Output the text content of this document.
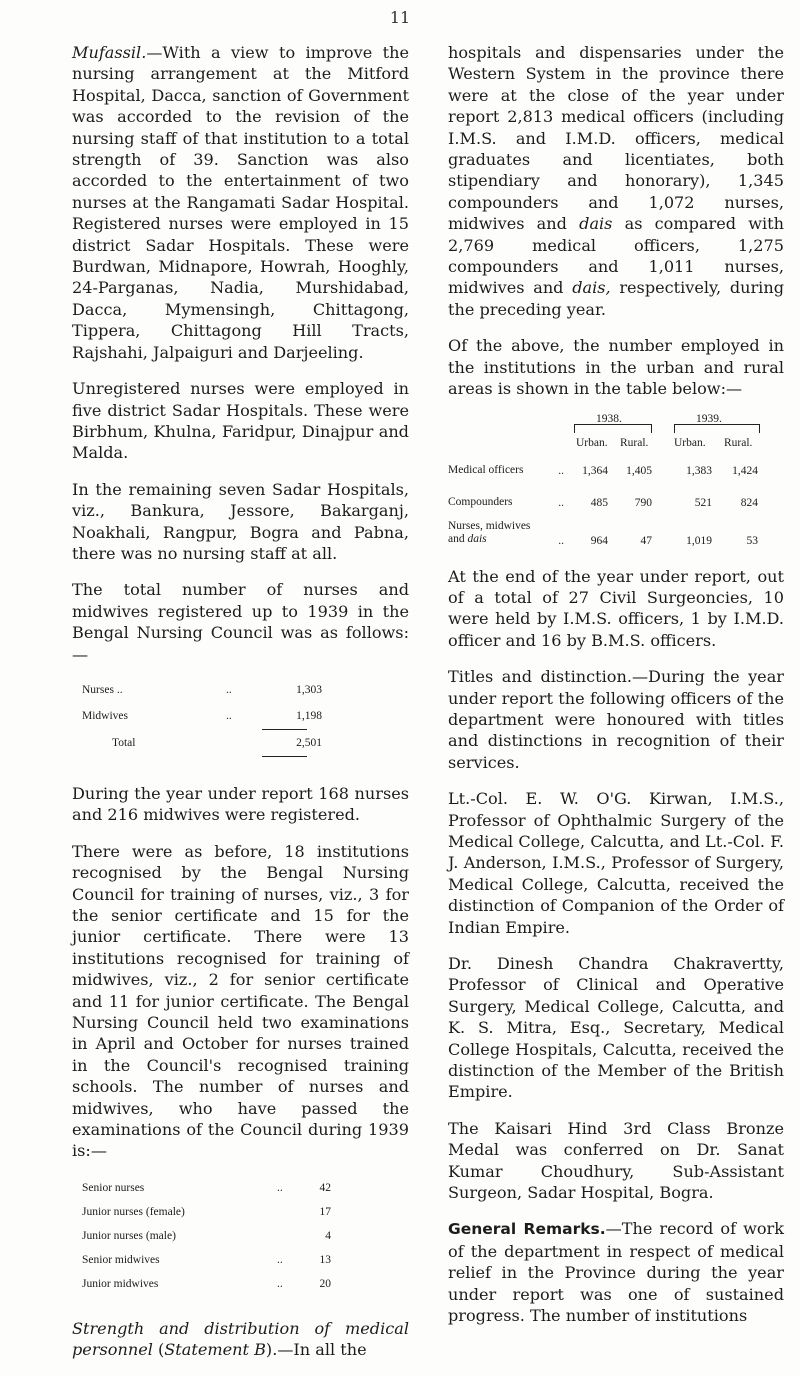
11

Mufassil.—With a view to improve the nursing arrangement at the Mitford Hospital, Dacca, sanction of Government was accorded to the revision of the nursing staff of that institution to a total strength of 39. Sanction was also accorded to the entertainment of two nurses at the Rangamati Sadar Hospital. Registered nurses were employed in 15 district Sadar Hospitals. These were Burdwan, Midnapore, Howrah, Hooghly, 24-Parganas, Nadia, Murshidabad, Dacca, Mymensingh, Chittagong, Tippera, Chittagong Hill Tracts, Rajshahi, Jalpaiguri and Darjeeling.

Unregistered nurses were employed in five district Sadar Hospitals. These were Birbhum, Khulna, Faridpur, Dinajpur and Malda.

In the remaining seven Sadar Hospitals, viz., Bankura, Jessore, Bakarganj, Noakhali, Rangpur, Bogra and Pabna, there was no nursing staff at all.

The total number of nurses and midwives registered up to 1939 in the Bengal Nursing Council was as follows:—

Nurses ..	..	1,303
Midwives	..	1,198
Total	2,501

During the year under report 168 nurses and 216 midwives were registered.

There were as before, 18 institutions recognised by the Bengal Nursing Council for training of nurses, viz., 3 for the senior certificate and 15 for the junior certificate. There were 13 institutions recognised for training of midwives, viz., 2 for senior certificate and 11 for junior certificate. The Bengal Nursing Council held two examinations in April and October for nurses trained in the Council's recognised training schools. The number of nurses and midwives, who have passed the examinations of the Council during 1939 is:—

Senior nurses	..	42
Junior nurses (female)	17
Junior nurses (male)	4
Senior midwives	..	13
Junior midwives	..	20

Strength and distribution of medical personnel (Statement B).—In all the

hospitals and dispensaries under the Western System in the province there were at the close of the year under report 2,813 medical officers (including I.M.S. and I.M.D. officers, medical graduates and licentiates, both stipendiary and honorary), 1,345 compounders and 1,072 nurses, midwives and dais as compared with 2,769 medical officers, 1,275 compounders and 1,011 nurses, midwives and dais, respectively, during the preceding year.

Of the above, the number employed in the institutions in the urban and rural areas is shown in the table below:—

1938.	1939.
Urban. Rural. Urban. Rural.
Medical officers	..	1,364	1,405	1,383	1,424
Compounders	..	485	790	521	824
Nurses, midwives
and dais	..	964	47	1,019	53

At the end of the year under report, out of a total of 27 Civil Surgeoncies, 10 were held by I.M.S. officers, 1 by I.M.D. officer and 16 by B.M.S. officers.

Titles and distinction.—During the year under report the following officers of the department were honoured with titles and distinctions in recognition of their services.

Lt.-Col. E. W. O'G. Kirwan, I.M.S., Professor of Ophthalmic Surgery of the Medical College, Calcutta, and Lt.-Col. F. J. Anderson, I.M.S., Professor of Surgery, Medical College, Calcutta, received the distinction of Companion of the Order of Indian Empire.

Dr. Dinesh Chandra Chakravertty, Professor of Clinical and Operative Surgery, Medical College, Calcutta, and K. S. Mitra, Esq., Secretary, Medical College Hospitals, Calcutta, received the distinction of the Member of the British Empire.

The Kaisari Hind 3rd Class Bronze Medal was conferred on Dr. Sanat Kumar Choudhury, Sub-Assistant Surgeon, Sadar Hospital, Bogra.

General Remarks.—The record of work of the department in respect of medical relief in the Province during the year under report was one of sustained progress. The number of institutions
